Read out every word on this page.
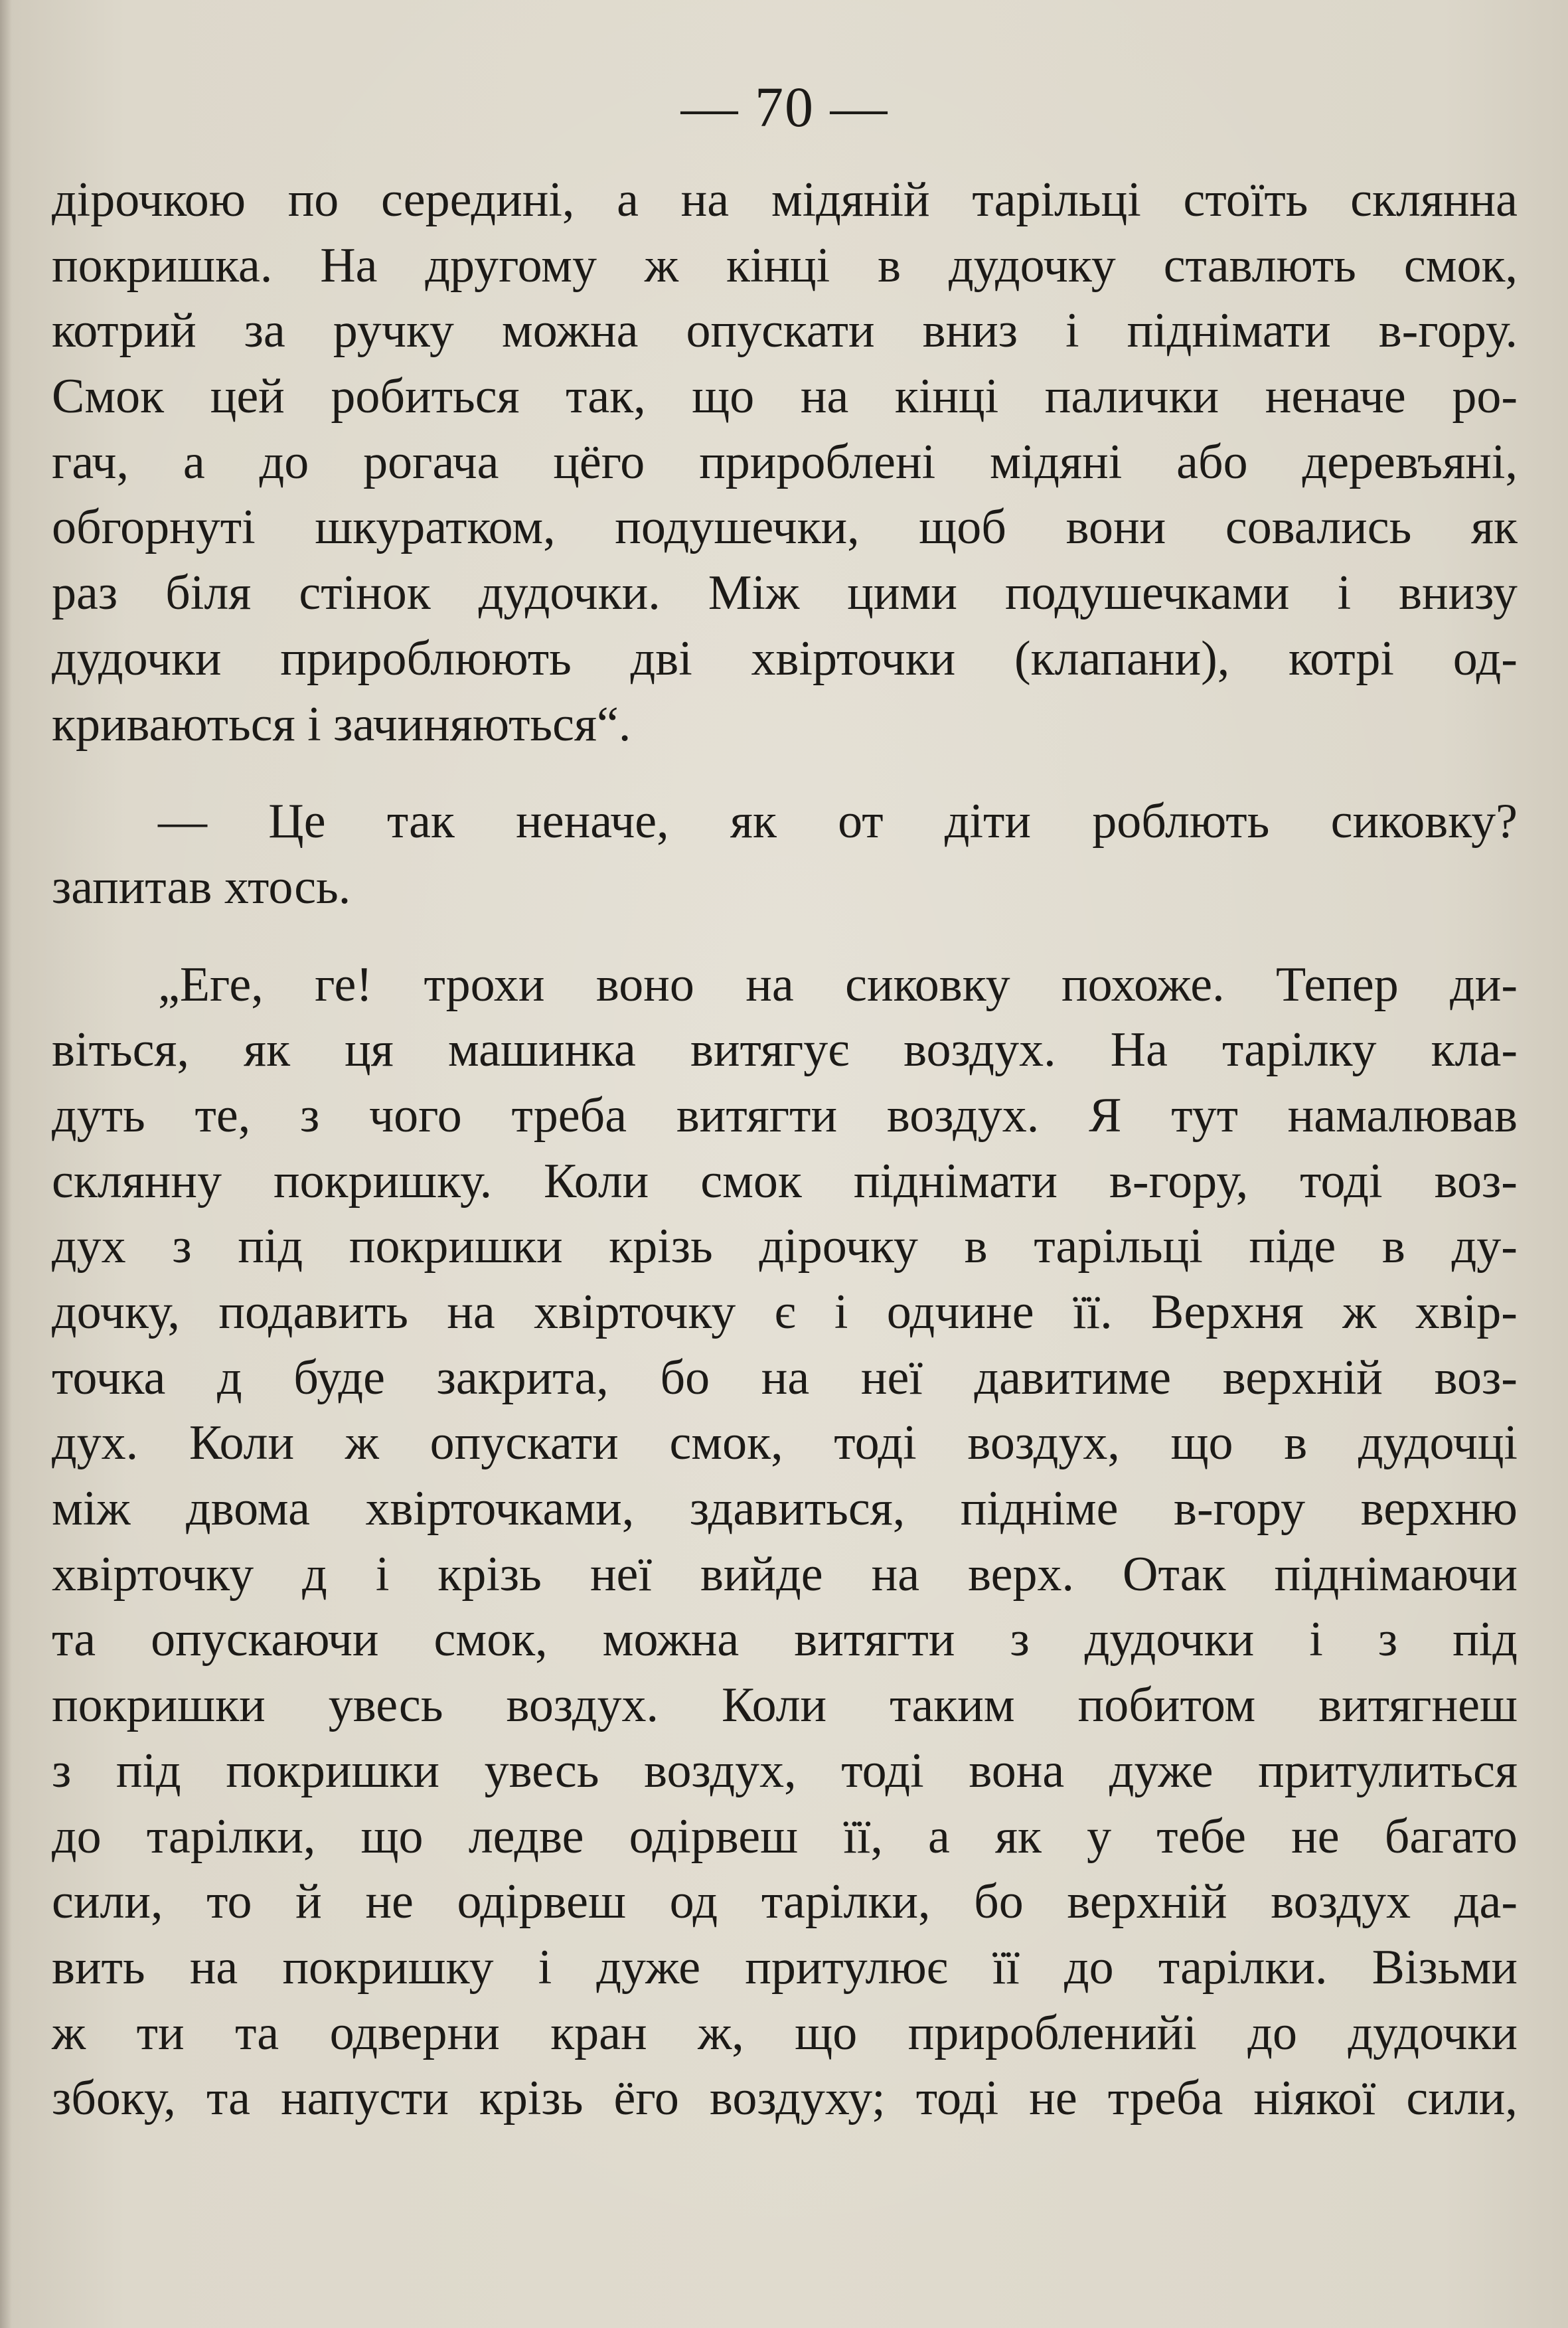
— 70 —
дірочкою по середині, а на мідяній тарільці стоїть склянна
покришка. На другому ж кінці в дудочку ставлють смок,
котрий за ручку можна опускати вниз і піднімати в-гору.
Смок цей робиться так, що на кінці палички неначе ро-
гач, а до рогача цёго приробленi мідяні або деревъяні,
обгорнуті шкуратком, подушечки, щоб вони совались як
раз біля стінок дудочки. Між цими подушечками і внизу
дудочки прироблюють дві хвірточки (клапани), котрі од-
криваються і зачиняються“.
— Це так неначе, як от діти роблють сиковку?
запитав хтось.
„Еге, ге! трохи воно на сиковку похоже. Тепер ди-
віться, як ця машинка витягує воздух. На тарілку кла-
дуть те, з чого треба витягти воздух. Я тут намалював
склянну покришку. Коли смок піднімати в-гору, тоді воз-
дух з під покришки крізь дірочку в тарільці піде в ду-
дочку, подавить на хвірточку є і одчине її. Верхня ж хвір-
точка д буде закрита, бо на неї давитиме верхній воз-
дух. Коли ж опускати смок, тоді воздух, що в дудочці
між двома хвірточками, здавиться, підніме в-гору верхню
хвірточку д і крізь неї вийде на верх. Отак піднімаючи
та опускаючи смок, можна витягти з дудочки і з під
покришки увесь воздух. Коли таким побитом витягнеш
з під покришки увесь воздух, тоді вона дуже притулиться
до тарілки, що ледве одірвеш її, а як у тебе не багато
сили, то й не одірвеш од тарілки, бо верхній воздух да-
вить на покришку і дуже притулює її до тарілки. Візьми
ж ти та одверни кран ж, що приробленийі до дудочки
збоку, та напусти крізь ёго воздуху; тоді не треба ніякої сили,
